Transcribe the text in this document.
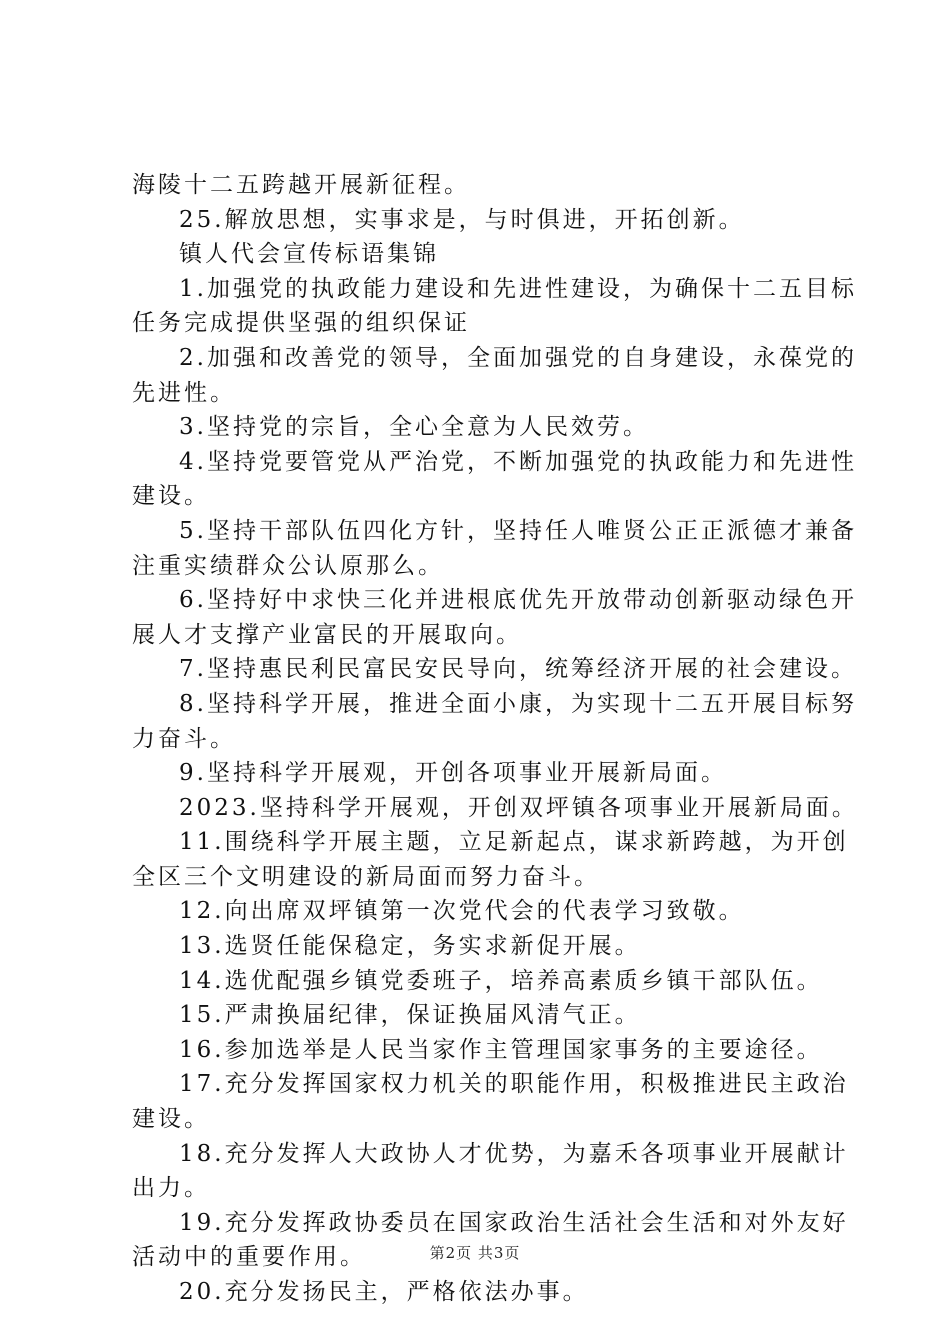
海陵十二五跨越开展新征程。
25.解放思想，实事求是，与时俱进，开拓创新。
镇人代会宣传标语集锦
1.加强党的执政能力建设和先进性建设，为确保十二五目标
任务完成提供坚强的组织保证
2.加强和改善党的领导，全面加强党的自身建设，永葆党的
先进性。
3.坚持党的宗旨，全心全意为人民效劳。
4.坚持党要管党从严治党，不断加强党的执政能力和先进性
建设。
5.坚持干部队伍四化方针，坚持任人唯贤公正正派德才兼备
注重实绩群众公认原那么。
6.坚持好中求快三化并进根底优先开放带动创新驱动绿色开
展人才支撑产业富民的开展取向。
7.坚持惠民利民富民安民导向，统筹经济开展的社会建设。
8.坚持科学开展，推进全面小康，为实现十二五开展目标努
力奋斗。
9.坚持科学开展观，开创各项事业开展新局面。
2023.坚持科学开展观，开创双坪镇各项事业开展新局面。
11.围绕科学开展主题，立足新起点，谋求新跨越，为开创
全区三个文明建设的新局面而努力奋斗。
12.向出席双坪镇第一次党代会的代表学习致敬。
13.选贤任能保稳定，务实求新促开展。
14.选优配强乡镇党委班子，培养高素质乡镇干部队伍。
15.严肃换届纪律，保证换届风清气正。
16.参加选举是人民当家作主管理国家事务的主要途径。
17.充分发挥国家权力机关的职能作用，积极推进民主政治
建设。
18.充分发挥人大政协人才优势，为嘉禾各项事业开展献计
出力。
19.充分发挥政协委员在国家政治生活社会生活和对外友好
活动中的重要作用。
20.充分发扬民主，严格依法办事。
第2页 共3页
